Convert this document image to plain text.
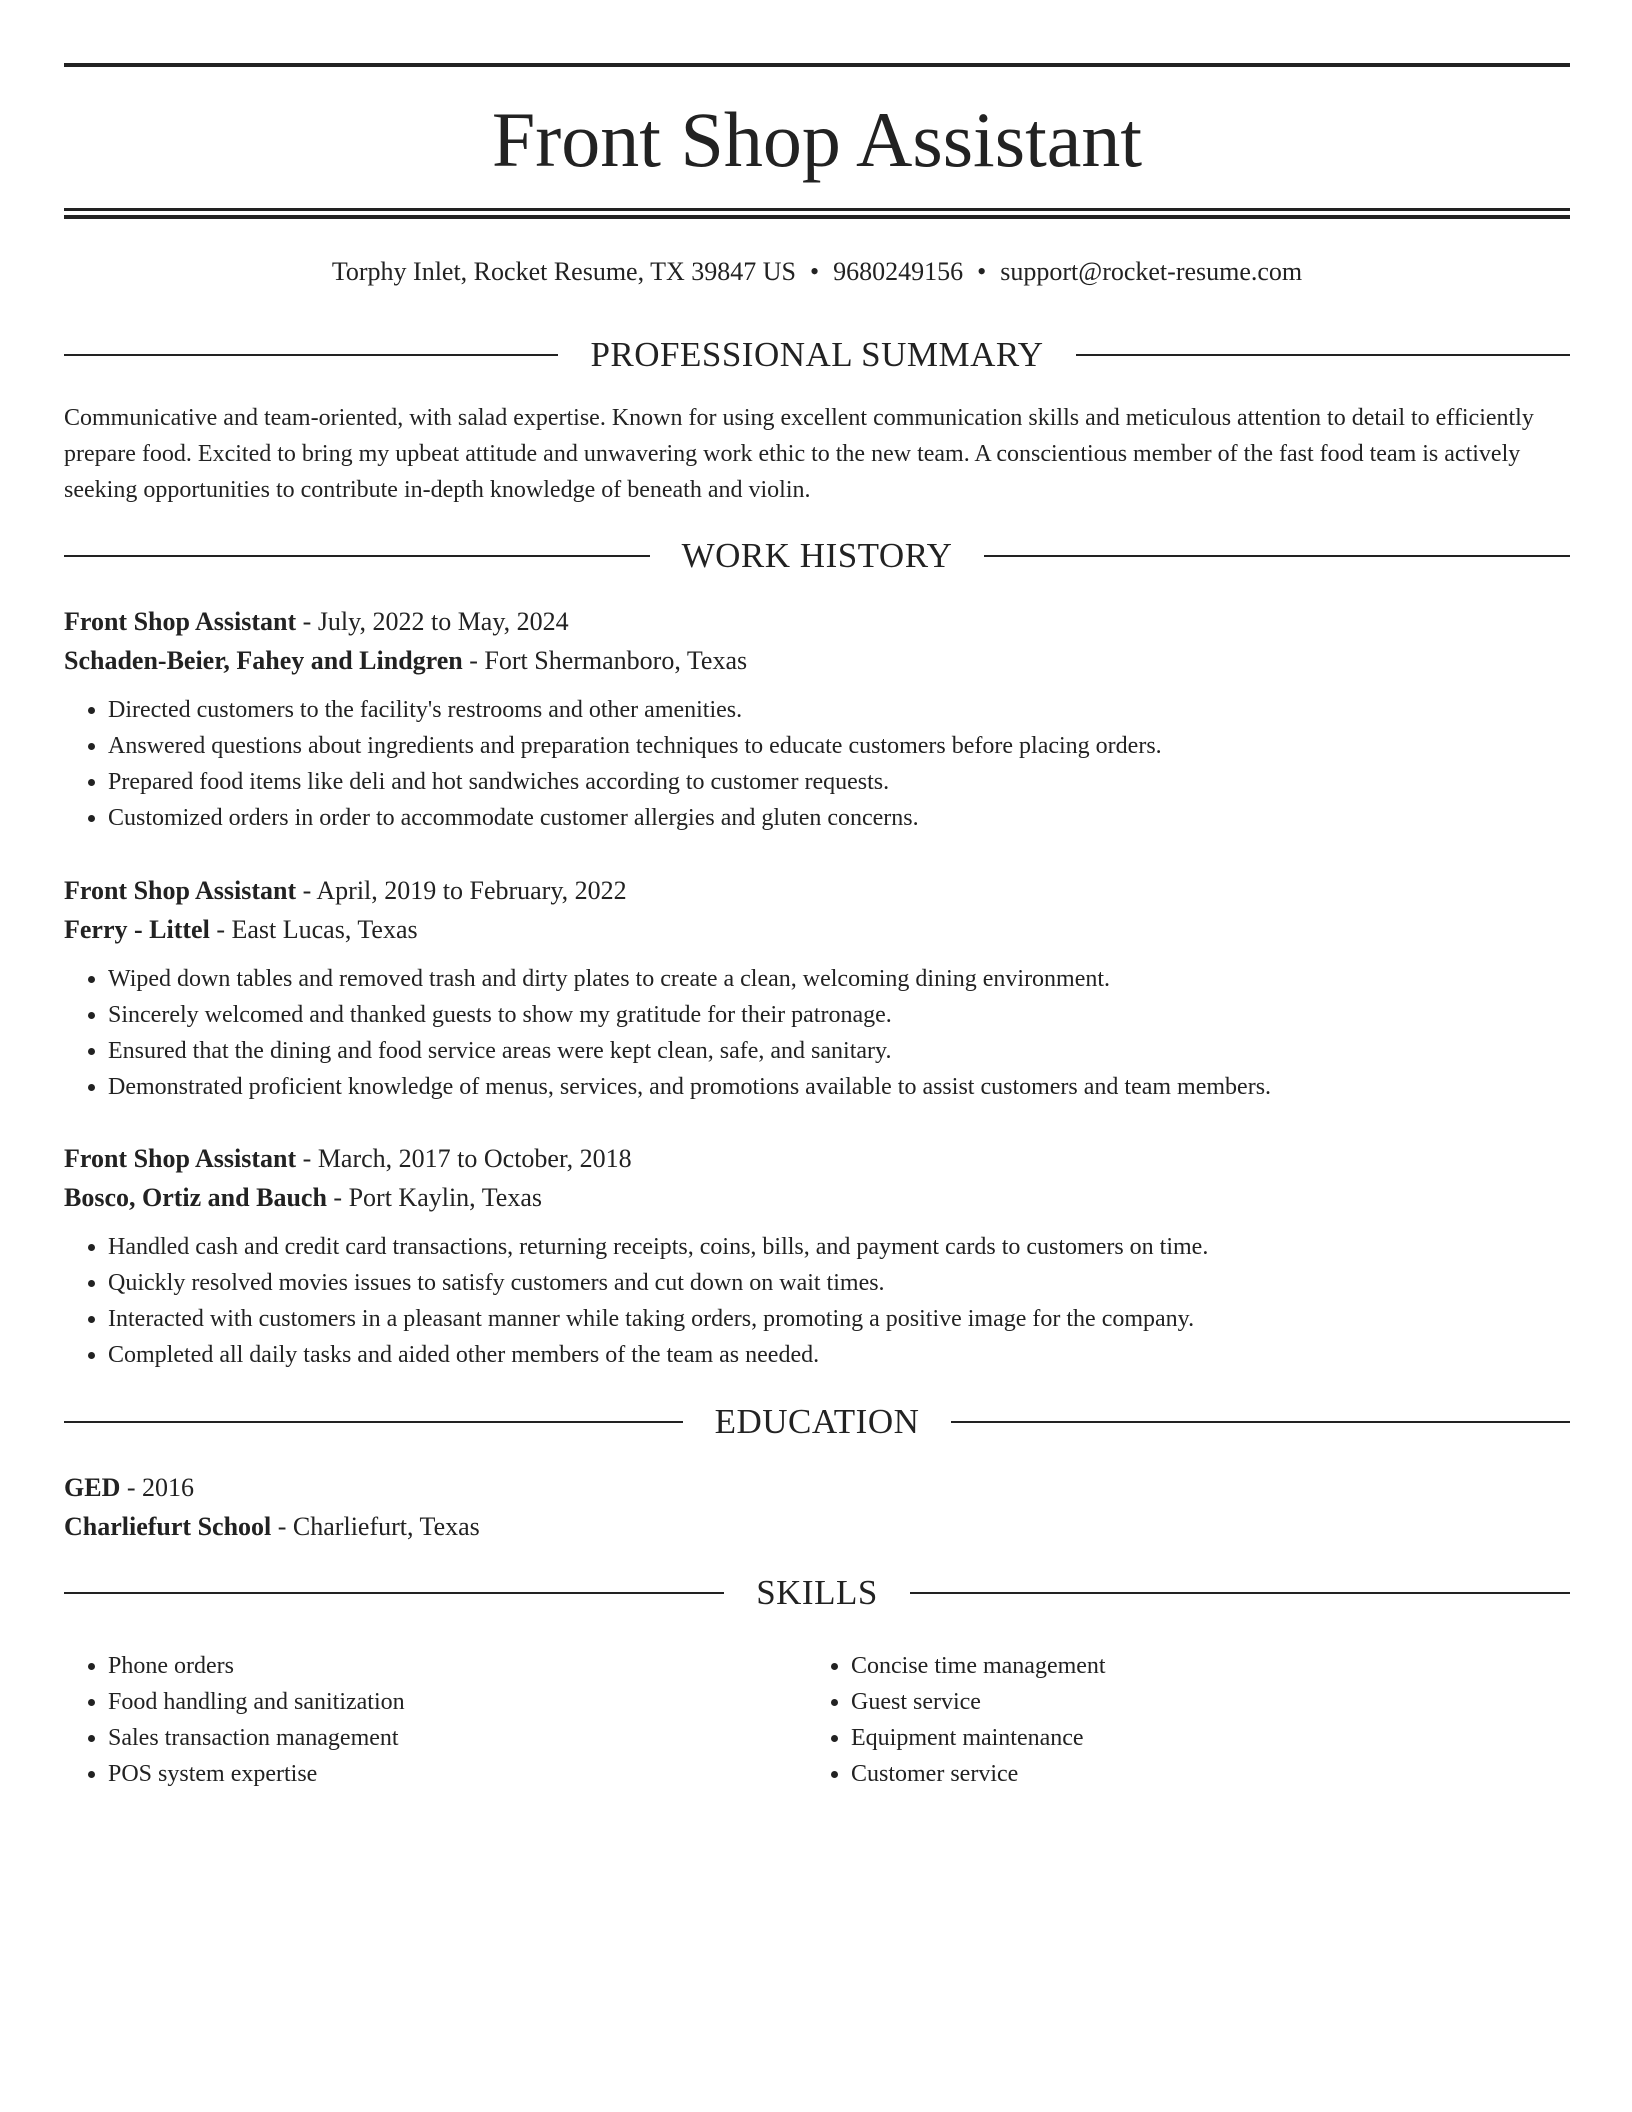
Front Shop Assistant
Torphy Inlet, Rocket Resume, TX 39847 US • 9680249156 • support@rocket-resume.com
PROFESSIONAL SUMMARY

Communicative and team-oriented, with salad expertise. Known for using excellent communication skills and meticulous attention to detail to efficiently prepare food. Excited to bring my upbeat attitude and unwavering work ethic to the new team. A conscientious member of the fast food team is actively seeking opportunities to contribute in-depth knowledge of beneath and violin.

WORK HISTORY

Front Shop Assistant - July, 2022 to May, 2024

Schaden-Beier, Fahey and Lindgren - Fort Shermanboro, Texas

• Directed customers to the facility's restrooms and other amenities.
• Answered questions about ingredients and preparation techniques to educate customers before placing orders.
• Prepared food items like deli and hot sandwiches according to customer requests.
• Customized orders in order to accommodate customer allergies and gluten concerns.

Front Shop Assistant - April, 2019 to February, 2022

Ferry - Littel - East Lucas, Texas

• Wiped down tables and removed trash and dirty plates to create a clean, welcoming dining environment.
• Sincerely welcomed and thanked guests to show my gratitude for their patronage.
• Ensured that the dining and food service areas were kept clean, safe, and sanitary.
• Demonstrated proficient knowledge of menus, services, and promotions available to assist customers and team members.

Front Shop Assistant - March, 2017 to October, 2018

Bosco, Ortiz and Bauch - Port Kaylin, Texas

• Handled cash and credit card transactions, returning receipts, coins, bills, and payment cards to customers on time.
• Quickly resolved movies issues to satisfy customers and cut down on wait times.
• Interacted with customers in a pleasant manner while taking orders, promoting a positive image for the company.
• Completed all daily tasks and aided other members of the team as needed.
EDUCATION

GED - 2016

Charliefurt School - Charliefurt, Texas

SKILLS
• Phone orders
• Food handling and sanitization
• Sales transaction management
• POS system expertise
• Concise time management
• Guest service
• Equipment maintenance
• Customer service
